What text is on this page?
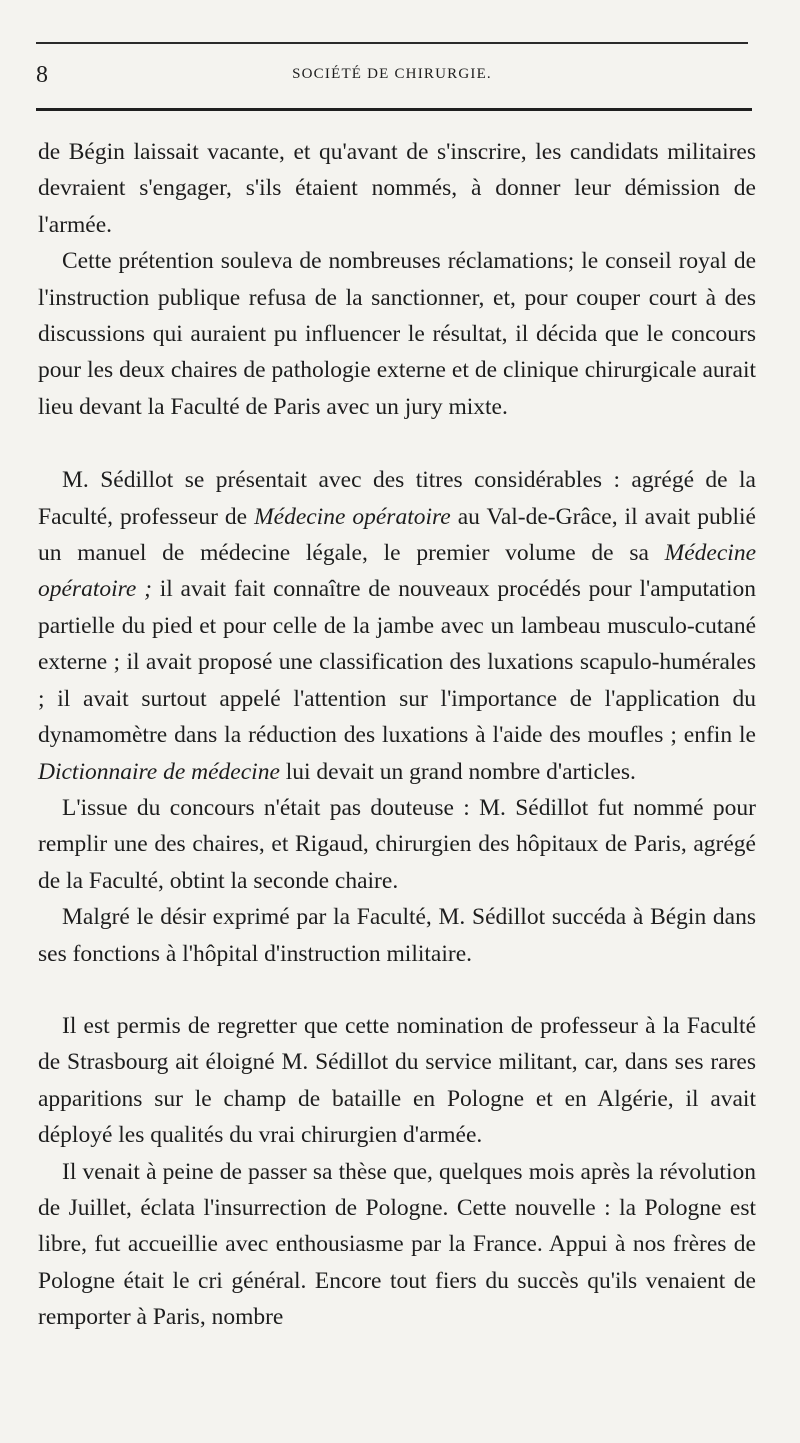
8	SOCIÉTÉ DE CHIRURGIE.

de Bégin laissait vacante, et qu'avant de s'inscrire, les candidats militaires devraient s'engager, s'ils étaient nommés, à donner leur démission de l'armée.

Cette prétention souleva de nombreuses réclamations; le conseil royal de l'instruction publique refusa de la sanctionner, et, pour couper court à des discussions qui auraient pu influencer le résultat, il décida que le concours pour les deux chaires de pathologie externe et de clinique chirurgicale aurait lieu devant la Faculté de Paris avec un jury mixte.

M. Sédillot se présentait avec des titres considérables : agrégé de la Faculté, professeur de Médecine opératoire au Val-de-Grâce, il avait publié un manuel de médecine légale, le premier volume de sa Médecine opératoire ; il avait fait connaître de nouveaux procédés pour l'amputation partielle du pied et pour celle de la jambe avec un lambeau musculo-cutané externe ; il avait proposé une classification des luxations scapulo-humérales ; il avait surtout appelé l'attention sur l'importance de l'application du dynamomètre dans la réduction des luxations à l'aide des moufles ; enfin le Dictionnaire de médecine lui devait un grand nombre d'articles.

L'issue du concours n'était pas douteuse : M. Sédillot fut nommé pour remplir une des chaires, et Rigaud, chirurgien des hôpitaux de Paris, agrégé de la Faculté, obtint la seconde chaire.

Malgré le désir exprimé par la Faculté, M. Sédillot succéda à Bégin dans ses fonctions à l'hôpital d'instruction militaire.

Il est permis de regretter que cette nomination de professeur à la Faculté de Strasbourg ait éloigné M. Sédillot du service militant, car, dans ses rares apparitions sur le champ de bataille en Pologne et en Algérie, il avait déployé les qualités du vrai chirurgien d'armée.

Il venait à peine de passer sa thèse que, quelques mois après la révolution de Juillet, éclata l'insurrection de Pologne. Cette nouvelle : la Pologne est libre, fut accueillie avec enthousiasme par la France. Appui à nos frères de Pologne était le cri général. Encore tout fiers du succès qu'ils venaient de remporter à Paris, nombre
